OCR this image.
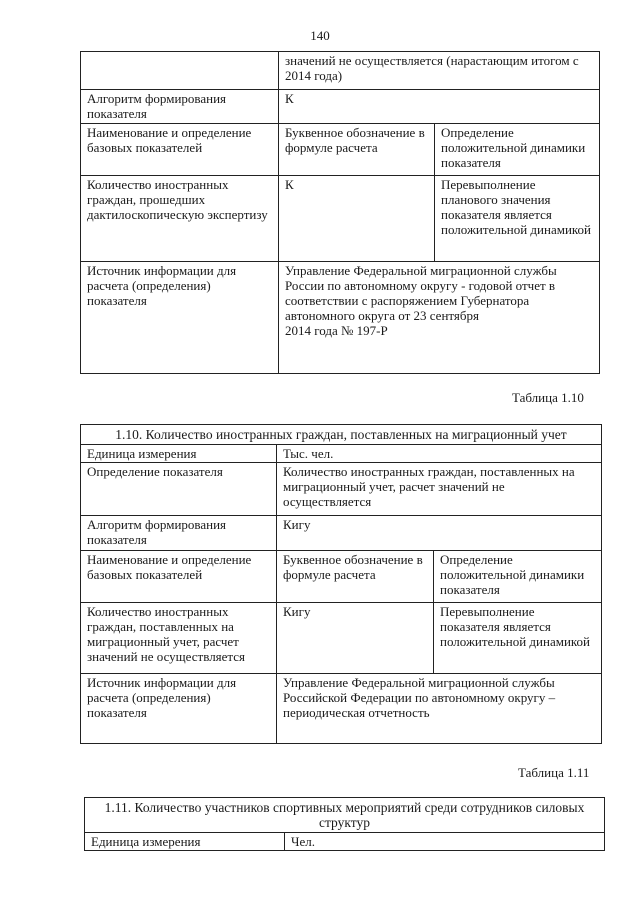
140
	значений не осуществляется (нарастающим итогом с 2014 года)	
Алгоритм формирования показателя	К	
Наименование и определение базовых показателей	Буквенное обозначение в формуле расчета	Определение положительной динамики показателя
Количество иностранных граждан, прошедших дактилоскопическую экспертизу	К	Перевыполнение планового значения показателя является положительной динамикой
Источник информации для расчета (определения) показателя	Управление Федеральной миграционной службы России по автономному округу - годовой отчет в соответствии с распоряжением Губернатора автономного округа от 23 сентября
2014 года № 197-Р	
Таблица 1.10
1.10. Количество иностранных граждан, поставленных на миграционный учет		
Единица измерения	Тыс. чел.	
Определение показателя	Количество иностранных граждан, поставленных на миграционный учет, расчет значений не осуществляется	
Алгоритм формирования показателя	Кигу	
Наименование и определение базовых показателей	Буквенное обозначение в формуле расчета	Определение положительной динамики показателя
Количество иностранных граждан, поставленных на миграционный учет, расчет значений не осуществляется	Кигу	Перевыполнение показателя является положительной динамикой
Источник информации для расчета (определения) показателя	Управление Федеральной миграционной службы Российской Федерации по автономному округу – периодическая отчетность	
Таблица 1.11
1.11. Количество участников спортивных мероприятий среди сотрудников силовых структур
Единица измерения	Чел.
